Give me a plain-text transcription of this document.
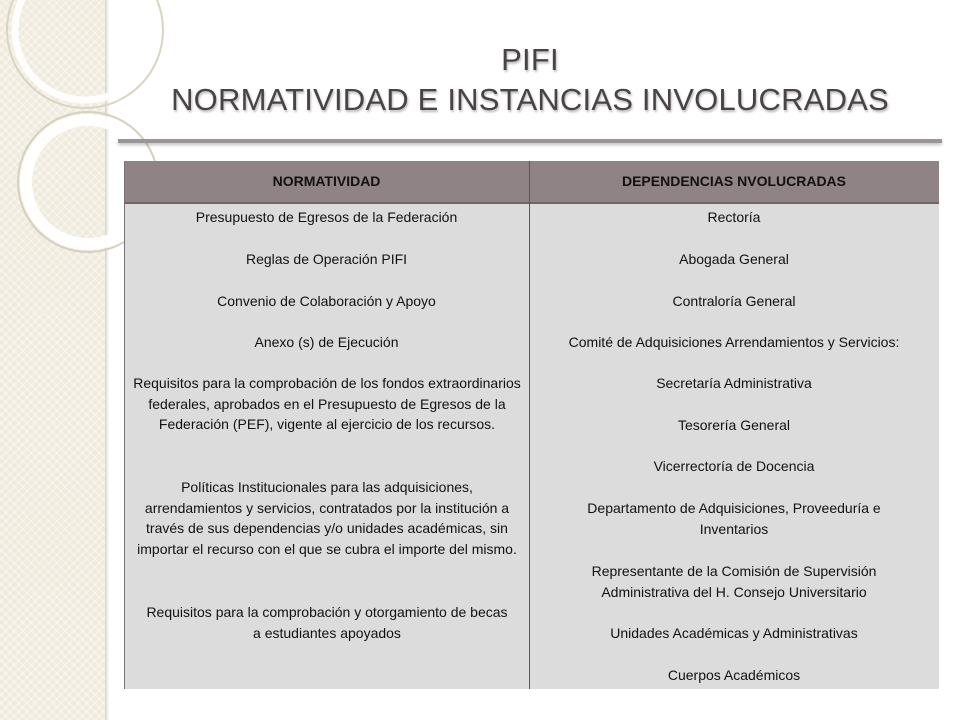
PIFI
NORMATIVIDAD E INSTANCIAS INVOLUCRADAS
NORMATIVIDAD	DEPENDENCIAS NVOLUCRADAS
Presupuesto de Egresos de la Federación
Reglas de Operación PIFI
Convenio de Colaboración y Apoyo
Anexo (s) de Ejecución
Requisitos para la comprobación de los fondos extraordinarios federales, aprobados en el Presupuesto de Egresos de la Federación (PEF), vigente al ejercicio de los recursos.
Políticas Institucionales para las adquisiciones, arrendamientos y servicios, contratados por la institución a través de sus dependencias y/o unidades académicas, sin importar el recurso con el que se cubra el importe del mismo.
Requisitos para la comprobación y otorgamiento de becas a estudiantes apoyados
Rectoría
Abogada General
Contraloría General
Comité de Adquisiciones Arrendamientos y Servicios:
Secretaría Administrativa
Tesorería General
Vicerrectoría de Docencia
Departamento de Adquisiciones, Proveeduría e Inventarios
Representante de la Comisión de Supervisión Administrativa del H. Consejo Universitario
Unidades Académicas y Administrativas
Cuerpos Académicos
